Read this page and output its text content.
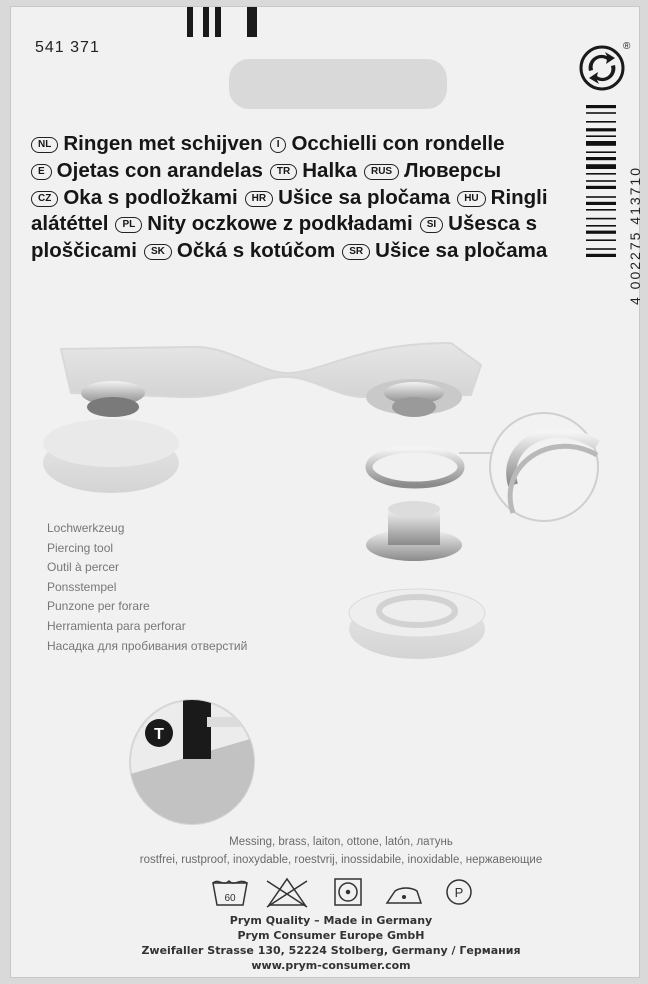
541 371	®
NL Ringen met schijven I Occhielli con rondelle
E Ojetas con arandelas TR Halka RUS Люверсы
CZ Oka s podložkami HR Ušice sa pločama HU Ringli
alátéttel PL Nity oczkowe z podkładami SI Ušesca s
ploščicami SK Očká s kotúčom SR Ušice sa pločama	4 002275 413710
Lochwerkzeug
Piercing tool
Outil à percer
Ponsstempel
Punzone per forare
Herramienta para perforar
Насадка для пробивания отверстий
T
Messing, brass, laiton, ottone, latón, латунь
rostfrei, rustproof, inoxydable, roestvrij, inossidabile, inoxidable, нержавеющие
60	P
Prym Quality – Made in Germany
Prym Consumer Europe GmbH
Zweifaller Strasse 130, 52224 Stolberg, Germany / Германия
www.prym-consumer.com
